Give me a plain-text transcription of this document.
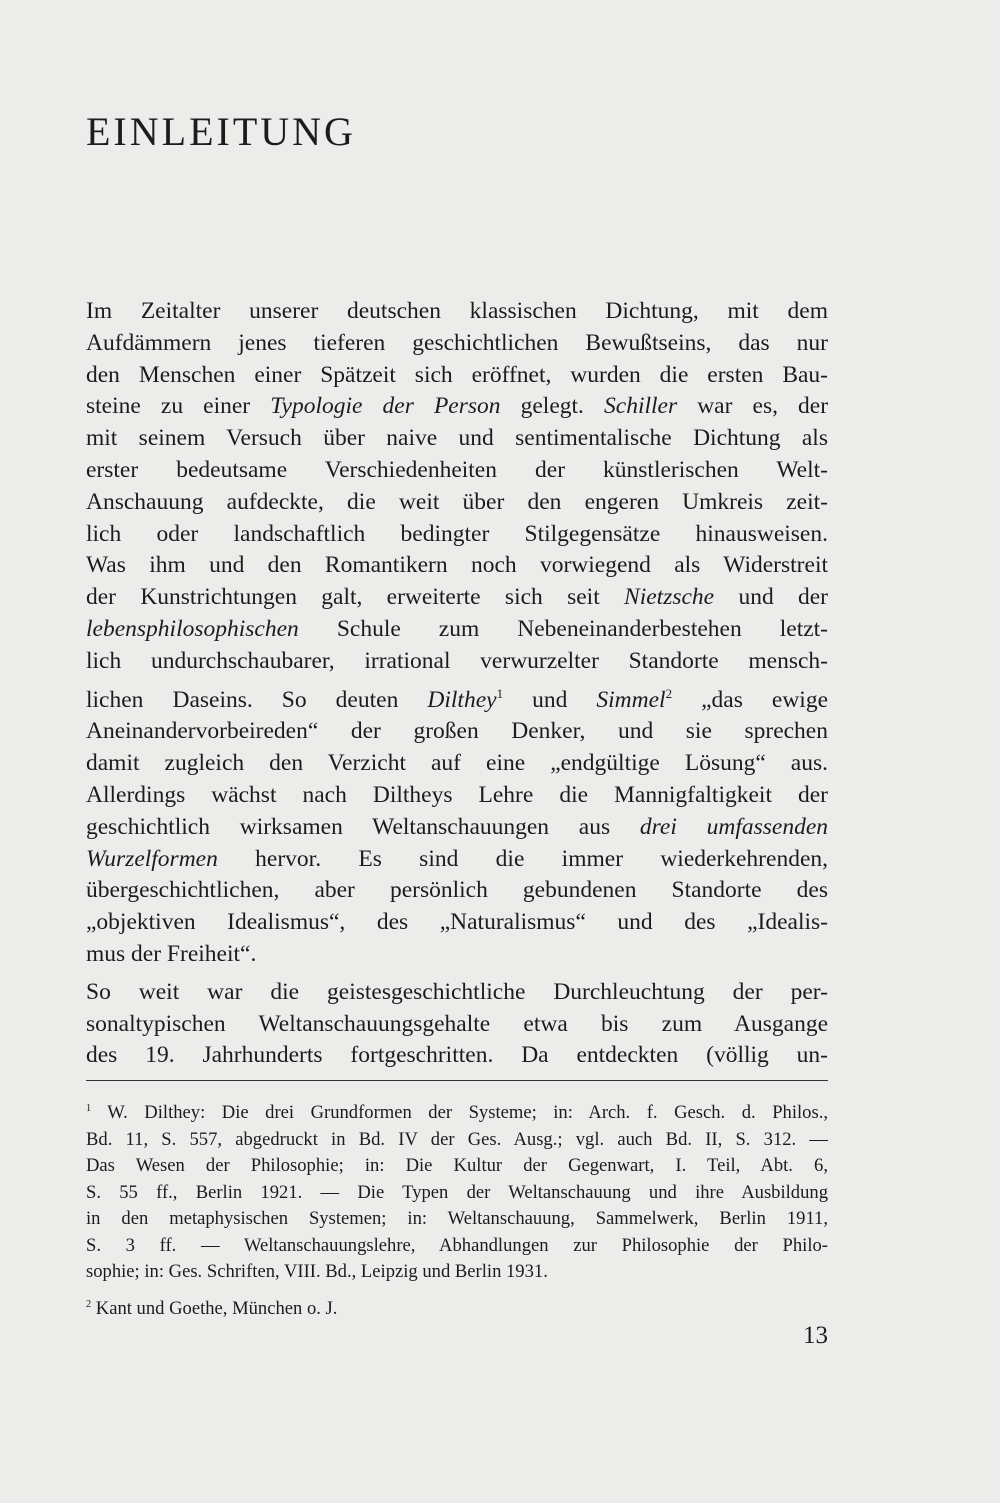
EINLEITUNG
Im Zeitalter unserer deutschen klassischen Dichtung, mit dem
Aufdämmern jenes tieferen geschichtlichen Bewußtseins, das nur
den Menschen einer Spätzeit sich eröffnet, wurden die ersten Bau-
steine zu einer Typologie der Person gelegt. Schiller war es, der
mit seinem Versuch über naive und sentimentalische Dichtung als
erster bedeutsame Verschiedenheiten der künstlerischen Welt-
Anschauung aufdeckte, die weit über den engeren Umkreis zeit-
lich oder landschaftlich bedingter Stilgegensätze hinausweisen.
Was ihm und den Romantikern noch vorwiegend als Widerstreit
der Kunstrichtungen galt, erweiterte sich seit Nietzsche und der
lebensphilosophischen Schule zum Nebeneinanderbestehen letzt-
lich undurchschaubarer, irrational verwurzelter Standorte mensch-
lichen Daseins. So deuten Dilthey$^1$ und Simmel$^2$ „das ewige
Aneinandervorbeireden“ der großen Denker, und sie sprechen
damit zugleich den Verzicht auf eine „endgültige Lösung“ aus.
Allerdings wächst nach Diltheys Lehre die Mannigfaltigkeit der
geschichtlich wirksamen Weltanschauungen aus drei umfassenden
Wurzelformen hervor. Es sind die immer wiederkehrenden,
übergeschichtlichen, aber persönlich gebundenen Standorte des
„objektiven Idealismus“, des „Naturalismus“ und des „Idealis-
mus der Freiheit“.
So weit war die geistesgeschichtliche Durchleuchtung der per-
sonaltypischen Weltanschauungsgehalte etwa bis zum Ausgange
des 19. Jahrhunderts fortgeschritten. Da entdeckten (völlig un-
$^1$ W. Dilthey: Die drei Grundformen der Systeme; in: Arch. f. Gesch. d. Philos.,
Bd. 11, S. 557, abgedruckt in Bd. IV der Ges. Ausg.; vgl. auch Bd. II, S. 312. —
Das Wesen der Philosophie; in: Die Kultur der Gegenwart, I. Teil, Abt. 6,
S. 55 ff., Berlin 1921. — Die Typen der Weltanschauung und ihre Ausbildung
in den metaphysischen Systemen; in: Weltanschauung, Sammelwerk, Berlin 1911,
S. 3 ff. — Weltanschauungslehre, Abhandlungen zur Philosophie der Philo-
sophie; in: Ges. Schriften, VIII. Bd., Leipzig und Berlin 1931.
$^2$ Kant und Goethe, München o. J.
13
